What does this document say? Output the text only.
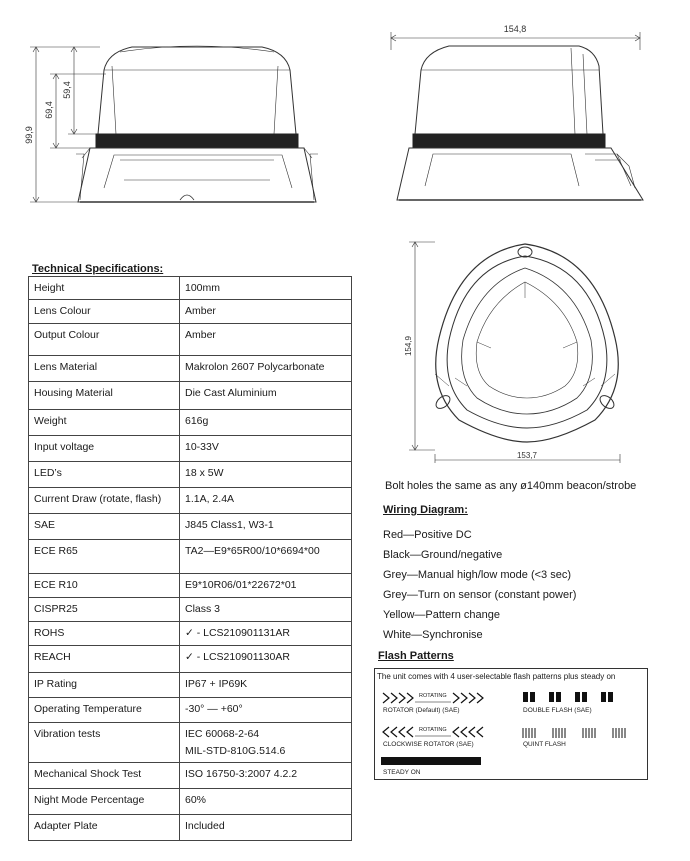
99,9
69,4
59,4
154,8
154,9
153,7
Technical Specifications:
Height	100mm

Lens Colour	Amber

Output Colour	Amber

Lens Material	Makrolon 2607 Polycarbonate

Housing Material	Die Cast Aluminium

Weight	616g

Input voltage	10-33V

LED’s	18 x 5W

Current Draw (rotate, flash)	1.1A, 2.4A

SAE	J845 Class1, W3-1

ECE R65	TA2—E9*65R00/10*6694*00

ECE R10	E9*10R06/01*22672*01

CISPR25	Class 3

ROHS	✓ - LCS210901131AR

REACH	✓ - LCS210901130AR

IP Rating	IP67 + IP69K

Operating Temperature	-30° — +60°

Vibration tests	IEC 60068-2-64
MIL-STD-810G.514.6

Mechanical Shock Test	ISO 16750-3:2007 4.2.2

Night Mode Percentage	60%

Adapter Plate	Included
Bolt holes the same as any ø140mm beacon/strobe
Wiring Diagram:
Red—Positive DC
Black—Ground/negative
Grey—Manual high/low mode (<3 sec)
Grey—Turn on sensor (constant power)
Yellow—Pattern change
White—Synchronise
Flash Patterns
The unit comes with 4 user-selectable flash patterns plus steady on
ROTATING
ROTATOR (Default) (SAE)	DOUBLE FLASH (SAE)
ROTATING
CLOCKWISE ROTATOR (SAE)	QUINT FLASH
STEADY ON
